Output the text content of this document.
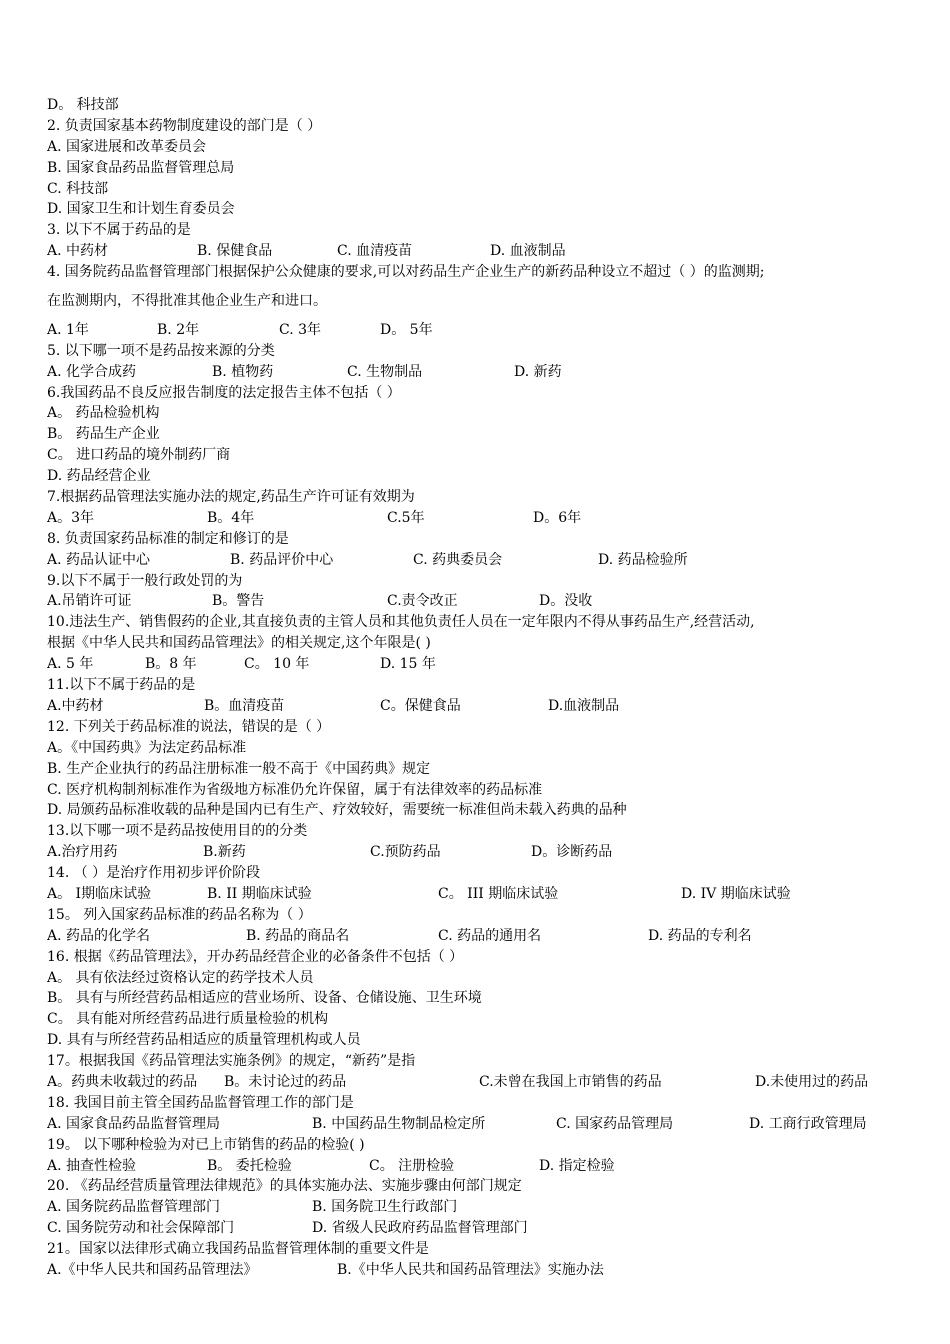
D。 科技部
2. 负责国家基本药物制度建设的部门是（ ）
A. 国家进展和改革委员会
B. 国家食品药品监督管理总局
C. 科技部
D. 国家卫生和计划生育委员会
3. 以下不属于药品的是
A. 中药材	B. 保健食品	C. 血清疫苗	D. 血液制品
4. 国务院药品监督管理部门根据保护公众健康的要求,可以对药品生产企业生产的新药品种设立不超过（ ）的监测期;
在监测期内，不得批准其他企业生产和进口。
A. 1年	B. 2年	C. 3年	D。 5年
5. 以下哪一项不是药品按来源的分类
A. 化学合成药	B. 植物药	C. 生物制品	D. 新药
6.我国药品不良反应报告制度的法定报告主体不包括（ ）
A。 药品检验机构
B。 药品生产企业
C。 进口药品的境外制药厂商
D. 药品经营企业
7.根据药品管理法实施办法的规定,药品生产许可证有效期为
A。3年	B。4年	C.5年	D。6年
8. 负责国家药品标准的制定和修订的是
A. 药品认证中心	B. 药品评价中心	C. 药典委员会	D. 药品检验所
9.以下不属于一般行政处罚的为
A.吊销许可证	B。警告	C.责令改正	D。没收
10.违法生产、销售假药的企业,其直接负责的主管人员和其他负责任人员在一定年限内不得从事药品生产,经营活动,
根据《中华人民共和国药品管理法》的相关规定,这个年限是( )
A. 5 年	B。8 年	C。 10 年	D. 15 年
11.以下不属于药品的是
A.中药材	B。血清疫苗	C。保健食品	D.血液制品
12. 下列关于药品标准的说法，错误的是（ ）
A。《中国药典》为法定药品标准
B. 生产企业执行的药品注册标准一般不高于《中国药典》规定
C. 医疗机构制剂标准作为省级地方标准仍允许保留，属于有法律效率的药品标准
D. 局颁药品标准收载的品种是国内已有生产、疗效较好，需要统一标准但尚未载入药典的品种
13.以下哪一项不是药品按使用目的的分类
A.治疗用药	B.新药	C.预防药品	D。诊断药品
14. （ ）是治疗作用初步评价阶段
A。 I期临床试验	B. II 期临床试验	C。 III 期临床试验	D. IV 期临床试验
15。 列入国家药品标准的药品名称为（ ）
A. 药品的化学名	B. 药品的商品名	C. 药品的通用名	D. 药品的专利名
16. 根据《药品管理法》，开办药品经营企业的必备条件不包括（ ）
A。 具有依法经过资格认定的药学技术人员
B。 具有与所经营药品相适应的营业场所、设备、仓储设施、卫生环境
C。 具有能对所经营药品进行质量检验的机构
D. 具有与所经营药品相适应的质量管理机构或人员
17。根据我国《药品管理法实施条例》的规定，“新药”是指
A。药典未收载过的药品 B。未讨论过的药品	C.未曾在我国上市销售的药品	D.未使用过的药品
18. 我国目前主管全国药品监督管理工作的部门是
A. 国家食品药品监督管理局	B. 中国药品生物制品检定所	C. 国家药品管理局	D. 工商行政管理局
19。 以下哪种检验为对已上市销售的药品的检验( )
A. 抽查性检验	B。 委托检验	C。 注册检验	D. 指定检验
20. 《药品经营质量管理法律规范》的具体实施办法、实施步骤由何部门规定
A. 国务院药品监督管理部门	B. 国务院卫生行政部门
C. 国务院劳动和社会保障部门	D. 省级人民政府药品监督管理部门
21。国家以法律形式确立我国药品监督管理体制的重要文件是
A.《中华人民共和国药品管理法》	B.《中华人民共和国药品管理法》实施办法
